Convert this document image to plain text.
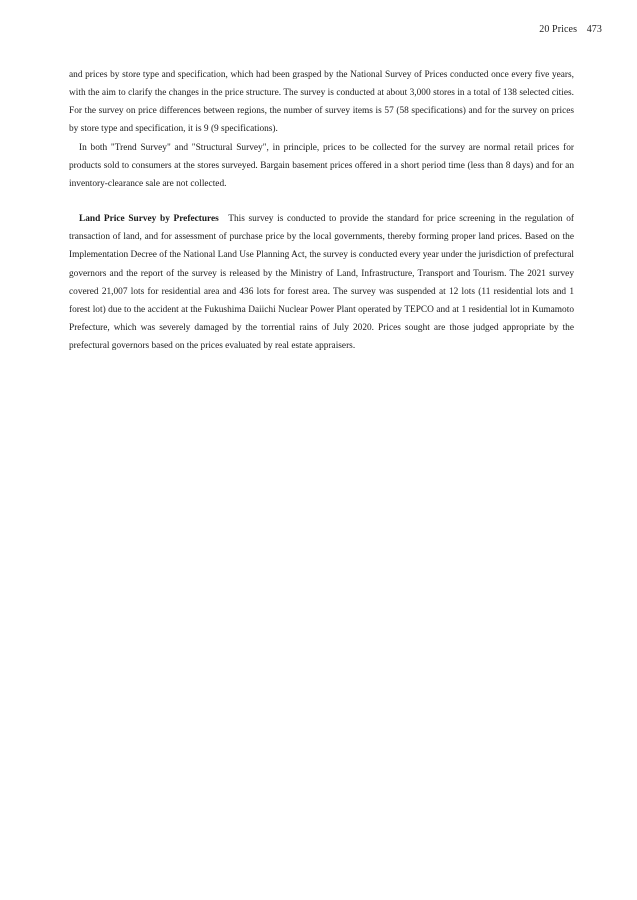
20 Prices 473

and prices by store type and specification, which had been grasped by the National Survey of Prices conducted once every five years, with the aim to clarify the changes in the price structure. The survey is conducted at about 3,000 stores in a total of 138 selected cities. For the survey on price differences between regions, the number of survey items is 57 (58 specifications) and for the survey on prices by store type and specification, it is 9 (9 specifications).

In both "Trend Survey" and "Structural Survey", in principle, prices to be collected for the survey are normal retail prices for products sold to consumers at the stores surveyed. Bargain basement prices offered in a short period time (less than 8 days) and for an inventory-clearance sale are not collected.

Land Price Survey by Prefectures This survey is conducted to provide the standard for price screening in the regulation of transaction of land, and for assessment of purchase price by the local governments, thereby forming proper land prices. Based on the Implementation Decree of the National Land Use Planning Act, the survey is conducted every year under the jurisdiction of prefectural governors and the report of the survey is released by the Ministry of Land, Infrastructure, Transport and Tourism. The 2021 survey covered 21,007 lots for residential area and 436 lots for forest area. The survey was suspended at 12 lots (11 residential lots and 1 forest lot) due to the accident at the Fukushima Daiichi Nuclear Power Plant operated by TEPCO and at 1 residential lot in Kumamoto Prefecture, which was severely damaged by the torrential rains of July 2020. Prices sought are those judged appropriate by the prefectural governors based on the prices evaluated by real estate appraisers.
